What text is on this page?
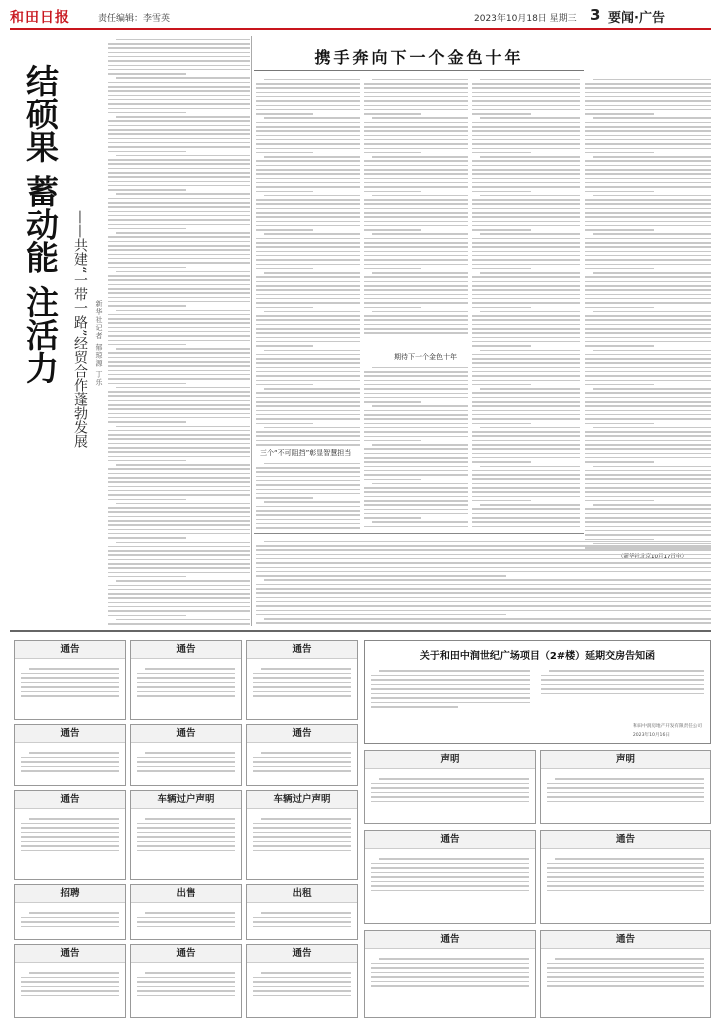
和田日报	责任编辑：李雪英	2023年10月18日 星期三 3 要闻·广告
结硕果 蓄动能 注活力 ——共建“一带一路”经贸合作蓬勃发展	新华社记者 郁琼源 丁乐
携手奔向下一个金色十年
三个“不可阻挡”彰显智慧担当
期待下一个金色十年
通告	通告	通告
通告	通告	通告
通告	车辆过户声明	车辆过户声明
招聘	出售	出租
通告	通告	通告
关于和田中润世纪广场项目（2#楼）延期交房告知函
和田中润房地产开发有限责任公司
2023年10月16日
声明	声明
通告	通告
通告	通告
